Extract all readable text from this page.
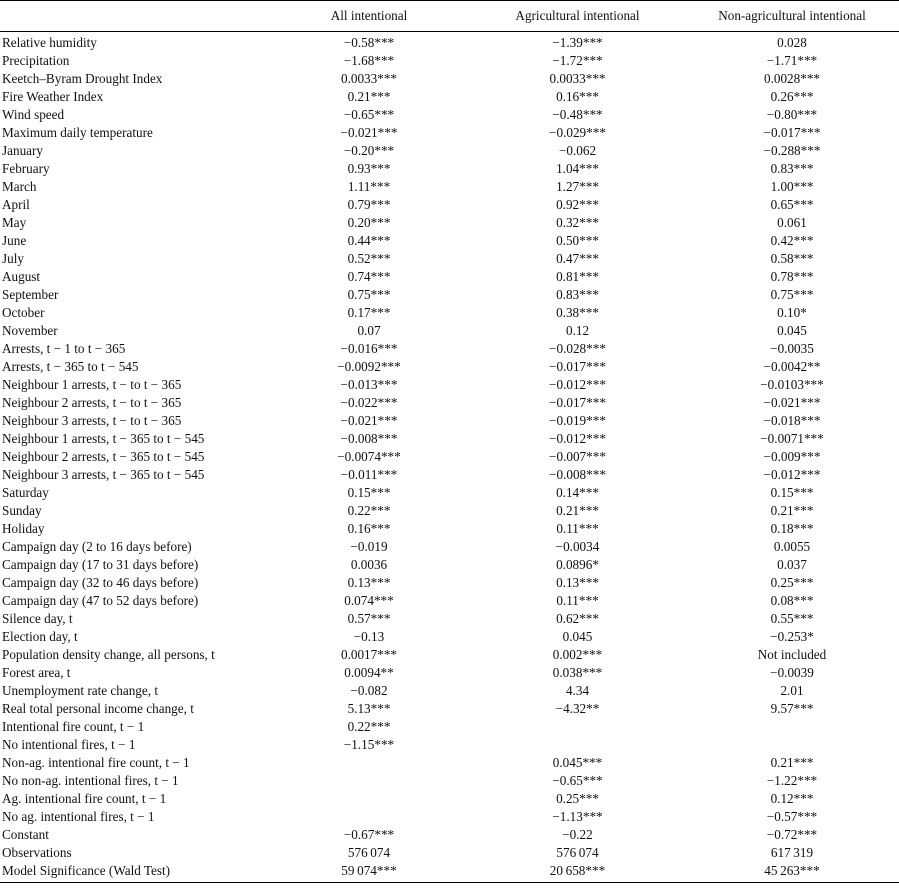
	All intentional	Agricultural intentional	Non-agricultural intentional
Relative humidity	−0.58***	−1.39***	0.028
Precipitation	−1.68***	−1.72***	−1.71***
Keetch–Byram Drought Index	0.0033***	0.0033***	0.0028***
Fire Weather Index	0.21***	0.16***	0.26***
Wind speed	−0.65***	−0.48***	−0.80***
Maximum daily temperature	−0.021***	−0.029***	−0.017***
January	−0.20***	−0.062	−0.288***
February	0.93***	1.04***	0.83***
March	1.11***	1.27***	1.00***
April	0.79***	0.92***	0.65***
May	0.20***	0.32***	0.061
June	0.44***	0.50***	0.42***
July	0.52***	0.47***	0.58***
August	0.74***	0.81***	0.78***
September	0.75***	0.83***	0.75***
October	0.17***	0.38***	0.10*
November	0.07	0.12	0.045
Arrests, t − 1 to t − 365	−0.016***	−0.028***	−0.0035
Arrests, t − 365 to t − 545	−0.0092***	−0.017***	−0.0042**
Neighbour 1 arrests, t − to t − 365	−0.013***	−0.012***	−0.0103***
Neighbour 2 arrests, t − to t − 365	−0.022***	−0.017***	−0.021***
Neighbour 3 arrests, t − to t − 365	−0.021***	−0.019***	−0.018***
Neighbour 1 arrests, t − 365 to t − 545	−0.008***	−0.012***	−0.0071***
Neighbour 2 arrests, t − 365 to t − 545	−0.0074***	−0.007***	−0.009***
Neighbour 3 arrests, t − 365 to t − 545	−0.011***	−0.008***	−0.012***
Saturday	0.15***	0.14***	0.15***
Sunday	0.22***	0.21***	0.21***
Holiday	0.16***	0.11***	0.18***
Campaign day (2 to 16 days before)	−0.019	−0.0034	0.0055
Campaign day (17 to 31 days before)	0.0036	0.0896*	0.037
Campaign day (32 to 46 days before)	0.13***	0.13***	0.25***
Campaign day (47 to 52 days before)	0.074***	0.11***	0.08***
Silence day, t	0.57***	0.62***	0.55***
Election day, t	−0.13	0.045	−0.253*
Population density change, all persons, t	0.0017***	0.002***	Not included
Forest area, t	0.0094**	0.038***	−0.0039
Unemployment rate change, t	−0.082	4.34	2.01
Real total personal income change, t	5.13***	−4.32**	9.57***
Intentional fire count, t − 1	0.22***		
No intentional fires, t − 1	−1.15***		
Non-ag. intentional fire count, t − 1		0.045***	0.21***
No non-ag. intentional fires, t − 1		−0.65***	−1.22***
Ag. intentional fire count, t − 1		0.25***	0.12***
No ag. intentional fires, t − 1		−1.13***	−0.57***
Constant	−0.67***	−0.22	−0.72***
Observations	576 074	576 074	617 319
Model Significance (Wald Test)	59 074***	20 658***	45 263***
